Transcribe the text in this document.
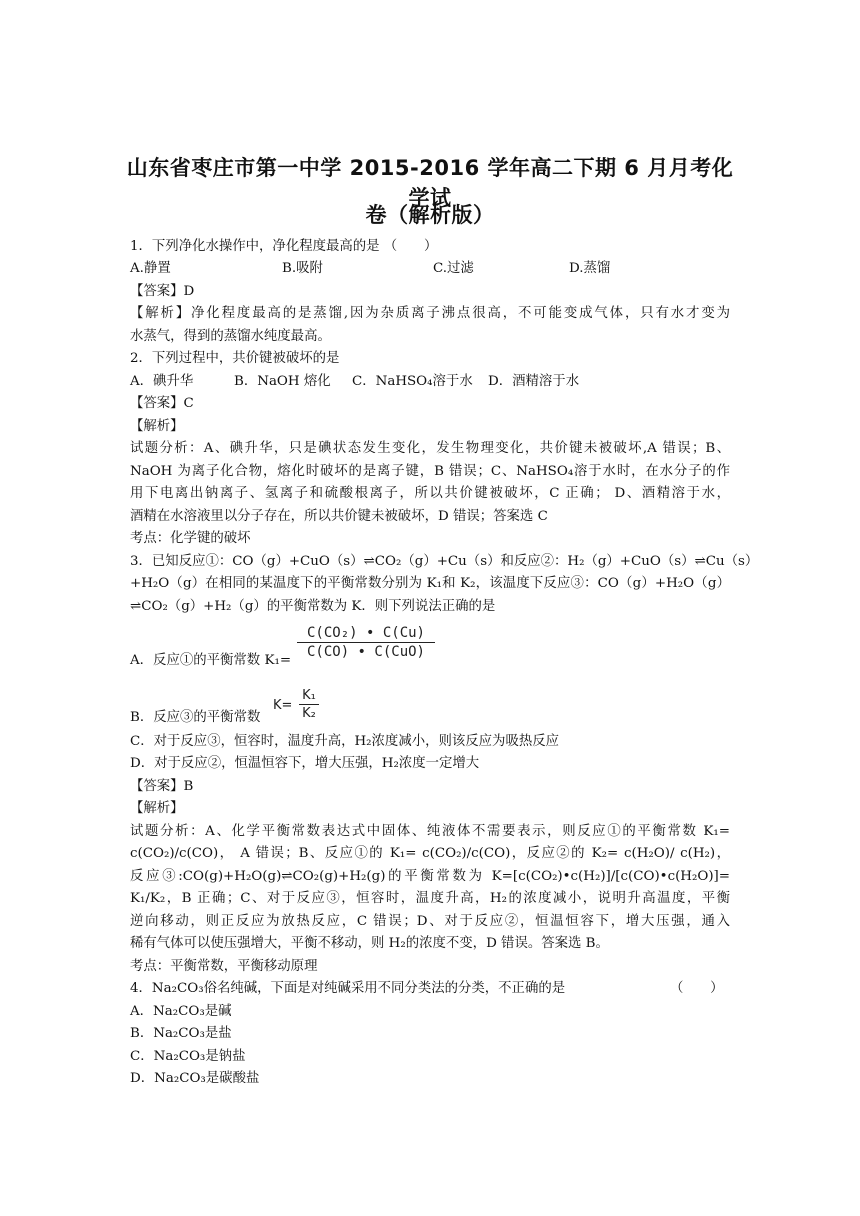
山东省枣庄市第一中学 2015-2016 学年高二下期 6 月月考化学试
卷（解析版）
1．下列净化水操作中，净化程度最高的是 （　　）
A.静置	B.吸附	C.过滤	D.蒸馏
【答案】D
【解析】净化程度最高的是蒸馏,因为杂质离子沸点很高，不可能变成气体，只有水才变为
水蒸气，得到的蒸馏水纯度最高。
2．下列过程中，共价键被破坏的是
A．碘升华	B．NaOH 熔化 C．NaHSO₄溶于水 D．酒精溶于水
【答案】C
【解析】
试题分析：A、碘升华，只是碘状态发生变化，发生物理变化，共价键未被破坏,A 错误；B、
NaOH 为离子化合物，熔化时破坏的是离子键，B 错误；C、NaHSO₄溶于水时，在水分子的作
用下电离出钠离子、氢离子和硫酸根离子，所以共价键被破坏，C 正确； D、酒精溶于水，
酒精在水溶液里以分子存在，所以共价键未被破坏，D 错误；答案选 C
考点：化学键的破坏
3．已知反应①：CO（g）+CuO（s）⇌CO₂（g）+Cu（s）和反应②：H₂（g）+CuO（s）⇌Cu（s）
+H₂O（g）在相同的某温度下的平衡常数分别为 K₁和 K₂，该温度下反应③：CO（g）+H₂O（g）
⇌CO₂（g）+H₂（g）的平衡常数为 K．则下列说法正确的是
C(CO₂) • C(Cu)
C(CO) • C(CuO)
A．反应①的平衡常数 K₁=
K=
K₁
K₂
B．反应③的平衡常数
C．对于反应③，恒容时，温度升高，H₂浓度减小，则该反应为吸热反应
D．对于反应②，恒温恒容下，增大压强，H₂浓度一定增大
【答案】B
【解析】
试题分析：A、化学平衡常数表达式中固体、纯液体不需要表示，则反应①的平衡常数 K₁=
c(CO₂)/c(CO)， A 错误；B、反应①的 K₁= c(CO₂)/c(CO)，反应②的 K₂= c(H₂O)/ c(H₂)，
反应③:CO(g)+H₂O(g)⇌CO₂(g)+H₂(g)的平衡常数为 K=[c(CO₂)•c(H₂)]/[c(CO)•c(H₂O)]=
K₁/K₂，B 正确；C、对于反应③，恒容时，温度升高，H₂的浓度减小，说明升高温度，平衡
逆向移动，则正反应为放热反应，C 错误；D、对于反应②，恒温恒容下，增大压强，通入
稀有气体可以使压强增大，平衡不移动，则 H₂的浓度不变，D 错误。答案选 B。
考点：平衡常数，平衡移动原理
4．Na₂CO₃俗名纯碱，下面是对纯碱采用不同分类法的分类，不正确的是	（　　）
A．Na₂CO₃是碱
B．Na₂CO₃是盐
C．Na₂CO₃是钠盐
D．Na₂CO₃是碳酸盐
